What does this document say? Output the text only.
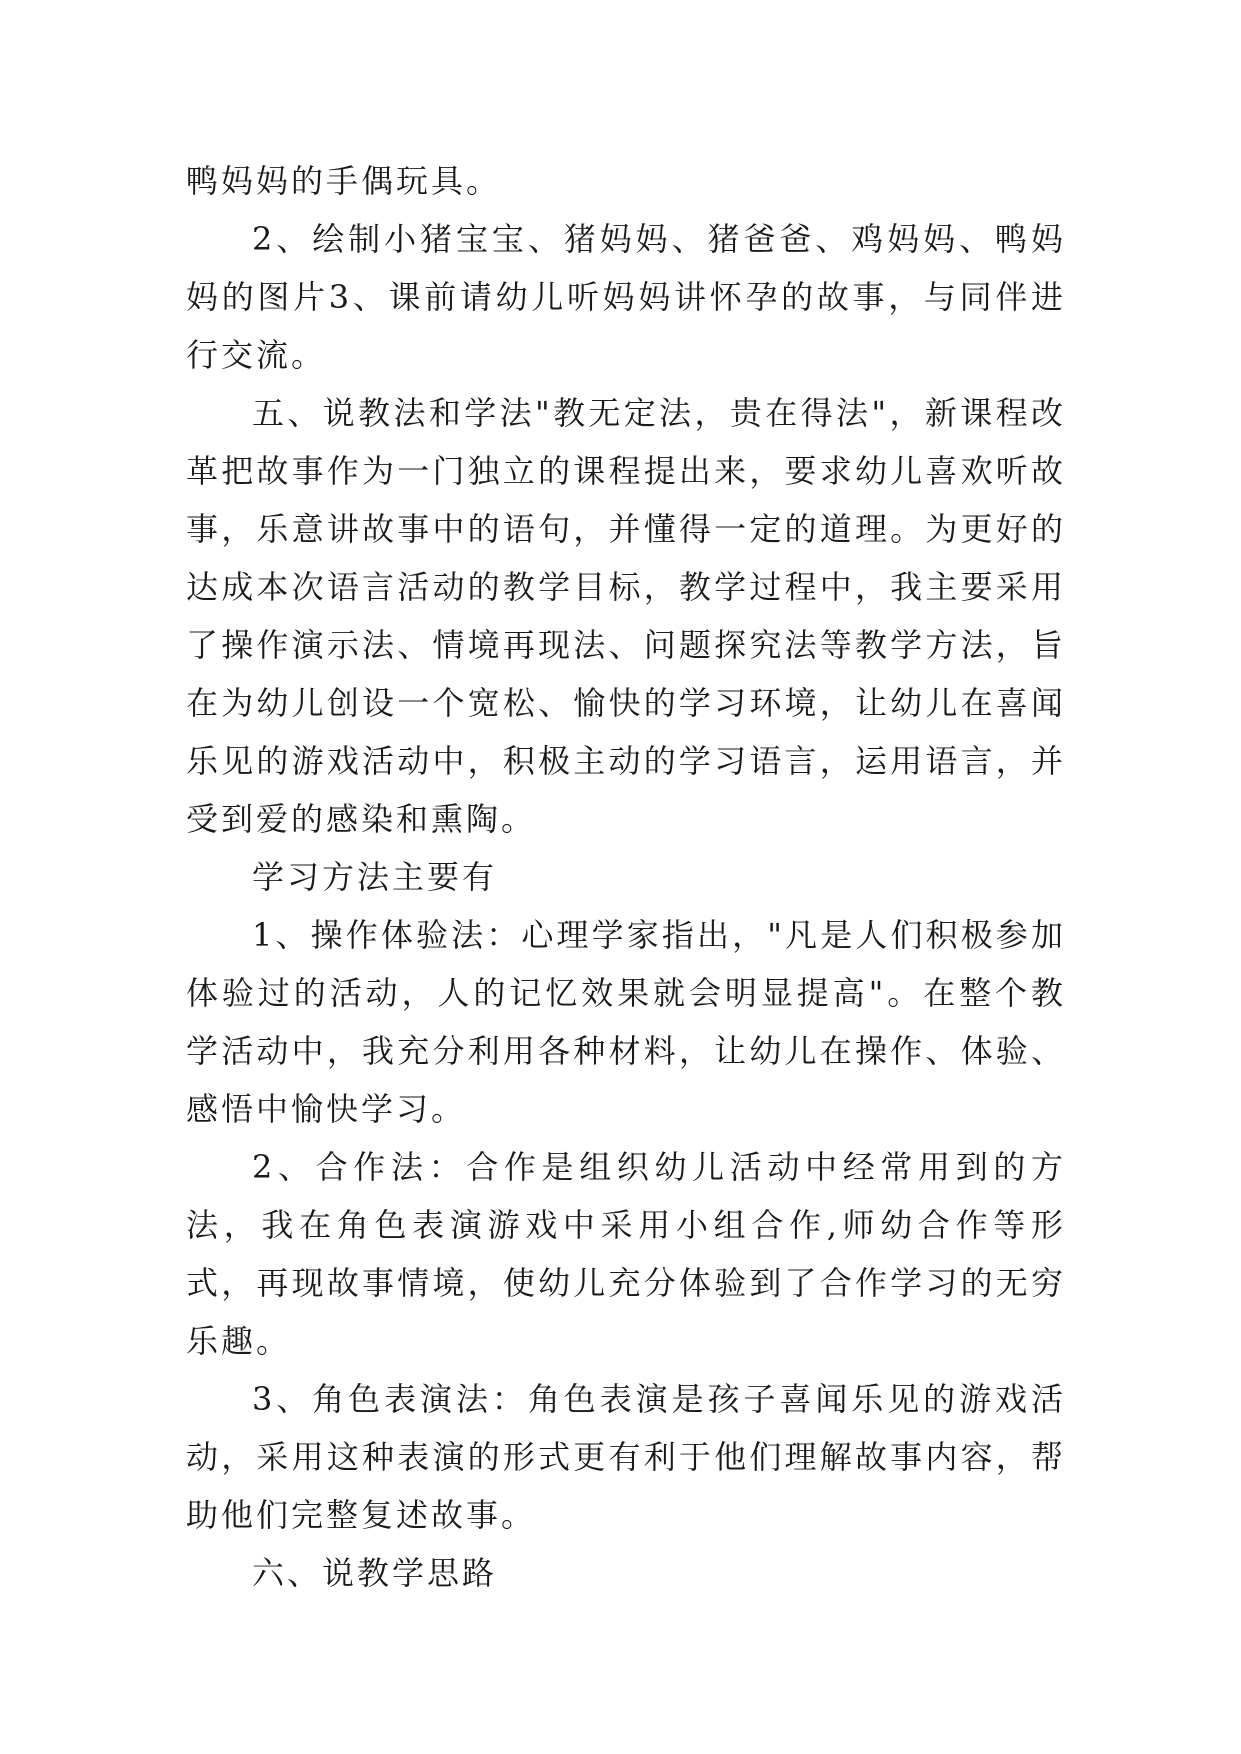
鸭妈妈的手偶玩具。

2、绘制小猪宝宝、猪妈妈、猪爸爸、鸡妈妈、鸭妈妈的图片3、课前请幼儿听妈妈讲怀孕的故事，与同伴进行交流。

五、说教法和学法"教无定法，贵在得法"，新课程改革把故事作为一门独立的课程提出来，要求幼儿喜欢听故事，乐意讲故事中的语句，并懂得一定的道理。为更好的达成本次语言活动的教学目标，教学过程中，我主要采用了操作演示法、情境再现法、问题探究法等教学方法，旨在为幼儿创设一个宽松、愉快的学习环境，让幼儿在喜闻乐见的游戏活动中，积极主动的学习语言，运用语言，并受到爱的感染和熏陶。

学习方法主要有

1、操作体验法：心理学家指出，"凡是人们积极参加体验过的活动，人的记忆效果就会明显提高"。在整个教学活动中，我充分利用各种材料，让幼儿在操作、体验、感悟中愉快学习。

2、合作法：合作是组织幼儿活动中经常用到的方法，我在角色表演游戏中采用小组合作,师幼合作等形式，再现故事情境，使幼儿充分体验到了合作学习的无穷乐趣。

3、角色表演法：角色表演是孩子喜闻乐见的游戏活动，采用这种表演的形式更有利于他们理解故事内容，帮助他们完整复述故事。

六、说教学思路
